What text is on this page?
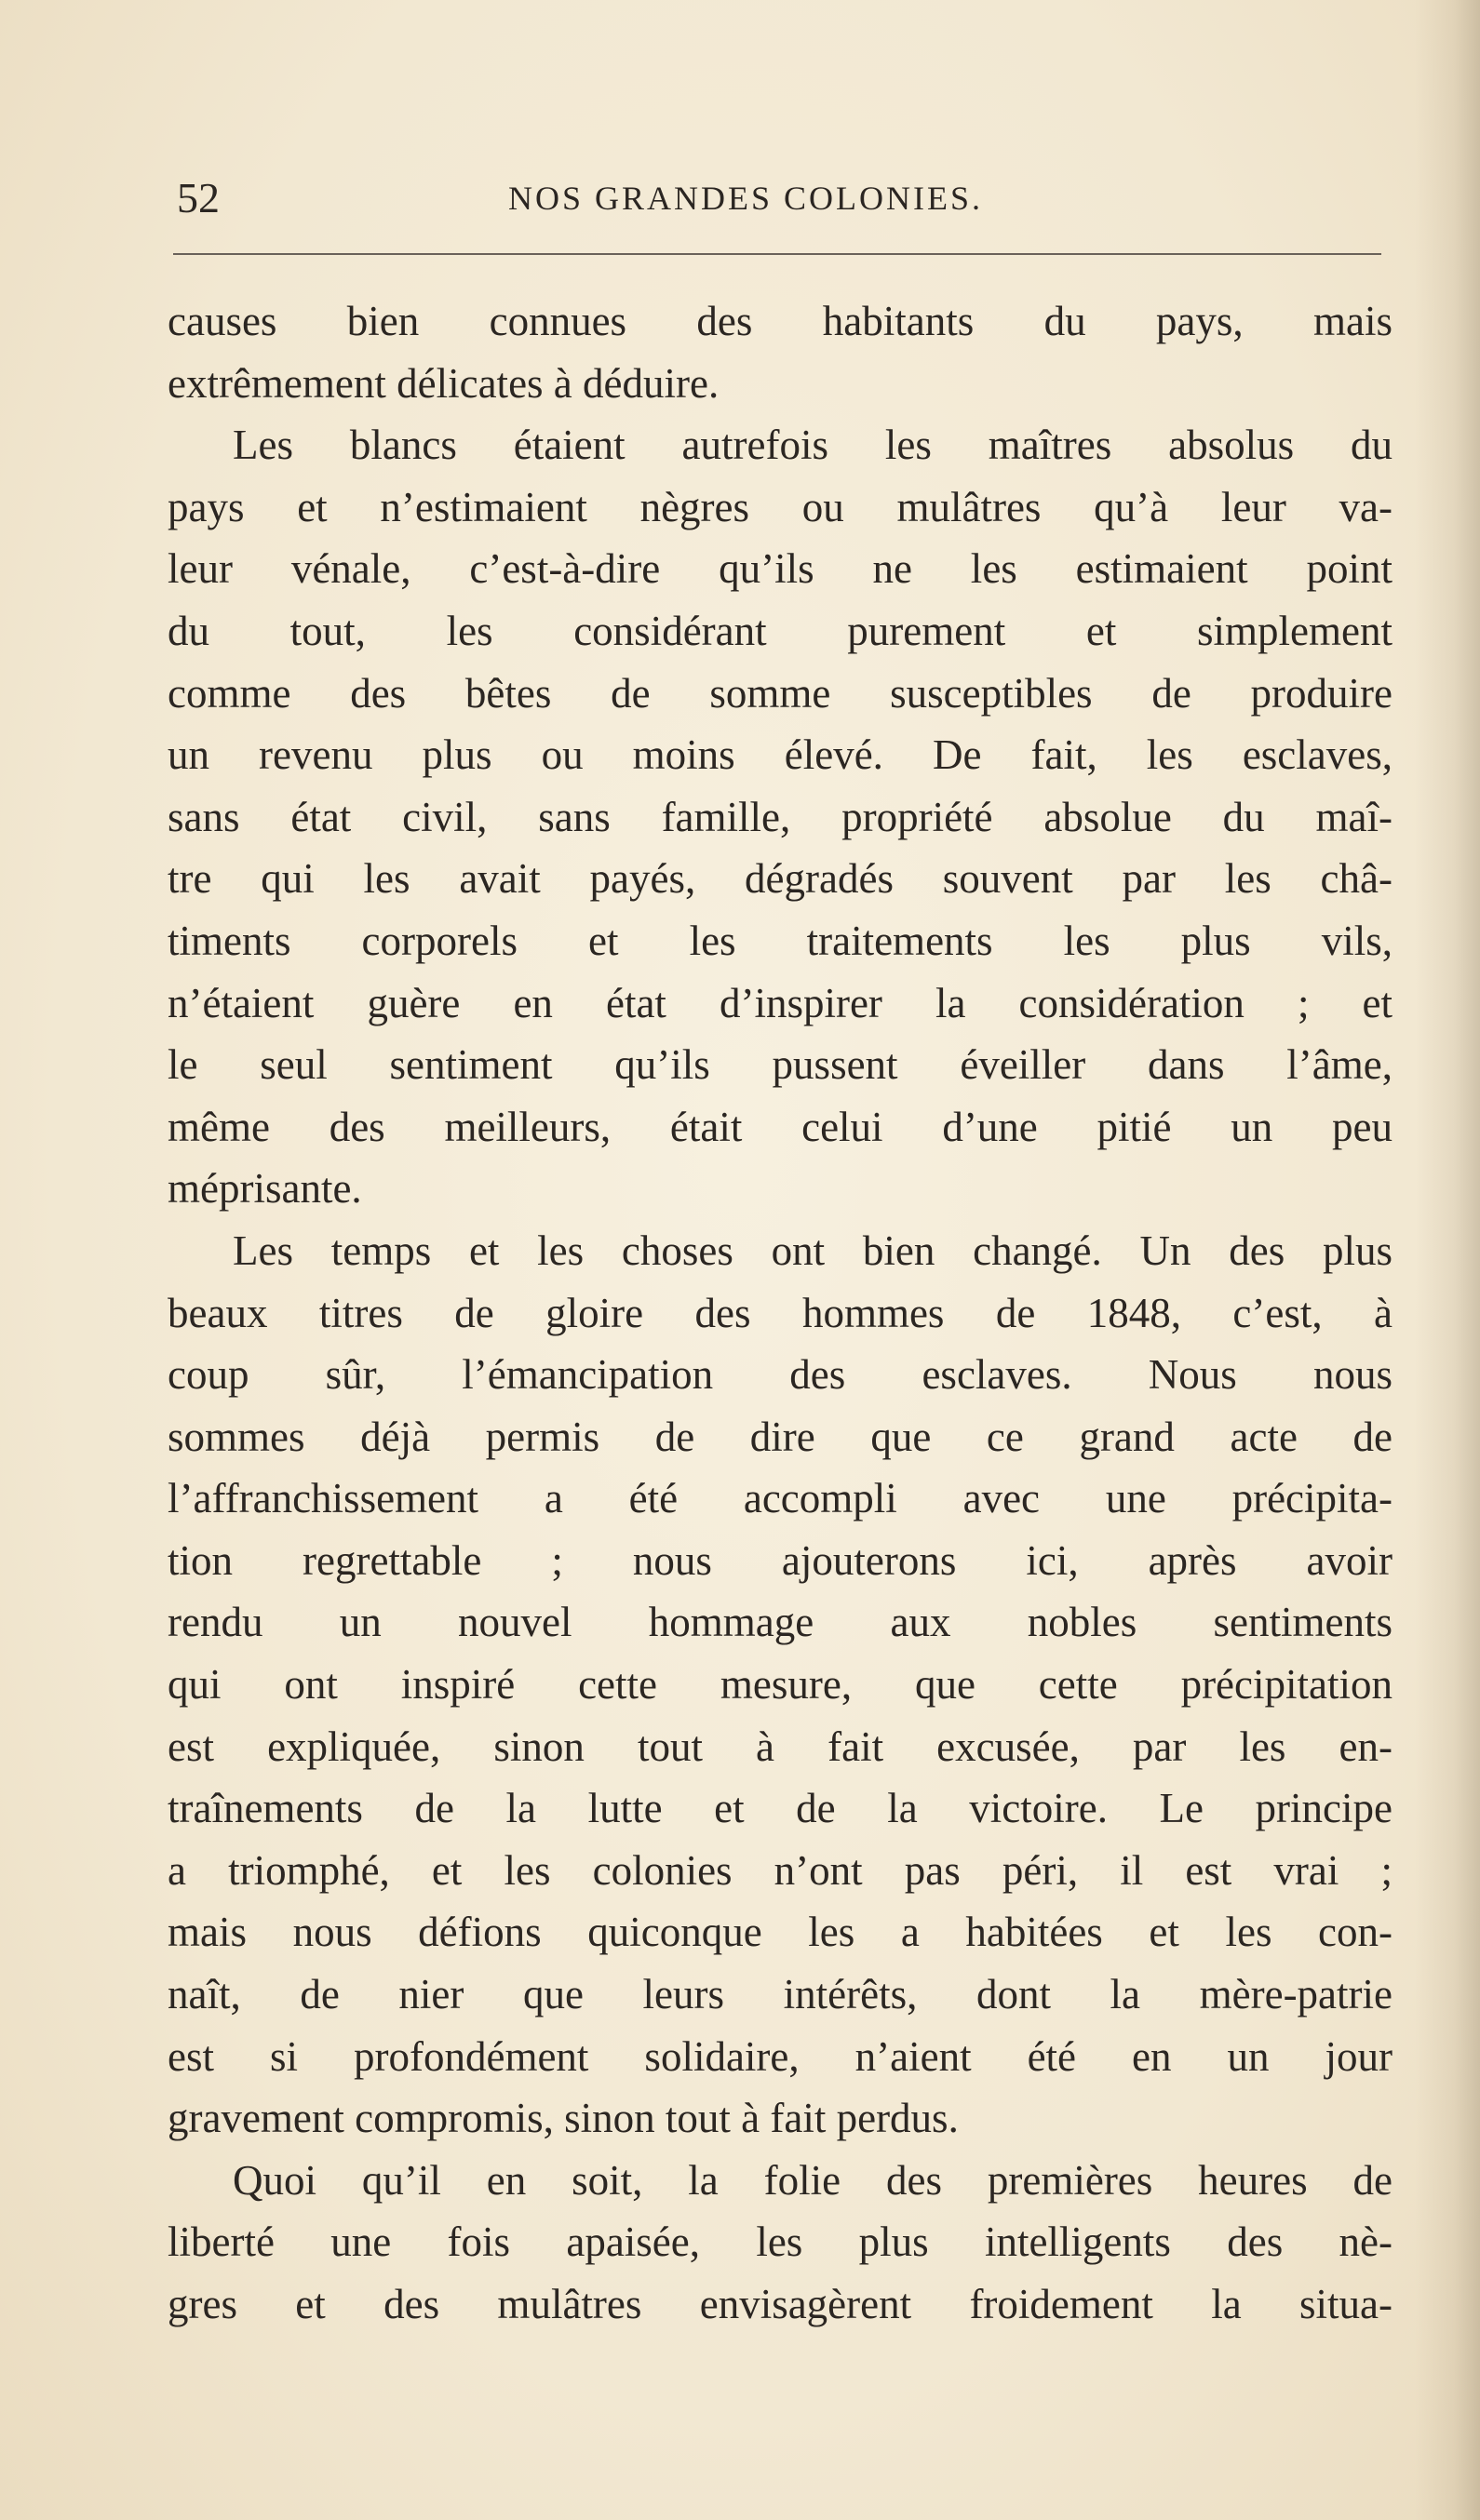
52	NOS GRANDES COLONIES.
causes bien connues des habitants du pays, mais
extrêmement délicates à déduire.
Les blancs étaient autrefois les maîtres absolus du
pays et n’estimaient nègres ou mulâtres qu’à leur va-
leur vénale, c’est-à-dire qu’ils ne les estimaient point
du tout, les considérant purement et simplement
comme des bêtes de somme susceptibles de produire
un revenu plus ou moins élevé. De fait, les esclaves,
sans état civil, sans famille, propriété absolue du maî-
tre qui les avait payés, dégradés souvent par les châ-
timents corporels et les traitements les plus vils,
n’étaient guère en état d’inspirer la considération ; et
le seul sentiment qu’ils pussent éveiller dans l’âme,
même des meilleurs, était celui d’une pitié un peu
méprisante.
Les temps et les choses ont bien changé. Un des plus
beaux titres de gloire des hommes de 1848, c’est, à
coup sûr, l’émancipation des esclaves. Nous nous
sommes déjà permis de dire que ce grand acte de
l’affranchissement a été accompli avec une précipita-
tion regrettable ; nous ajouterons ici, après avoir
rendu un nouvel hommage aux nobles sentiments
qui ont inspiré cette mesure, que cette précipitation
est expliquée, sinon tout à fait excusée, par les en-
traînements de la lutte et de la victoire. Le principe
a triomphé, et les colonies n’ont pas péri, il est vrai ;
mais nous défions quiconque les a habitées et les con-
naît, de nier que leurs intérêts, dont la mère-patrie
est si profondément solidaire, n’aient été en un jour
gravement compromis, sinon tout à fait perdus.
Quoi qu’il en soit, la folie des premières heures de
liberté une fois apaisée, les plus intelligents des nè-
gres et des mulâtres envisagèrent froidement la situa-
